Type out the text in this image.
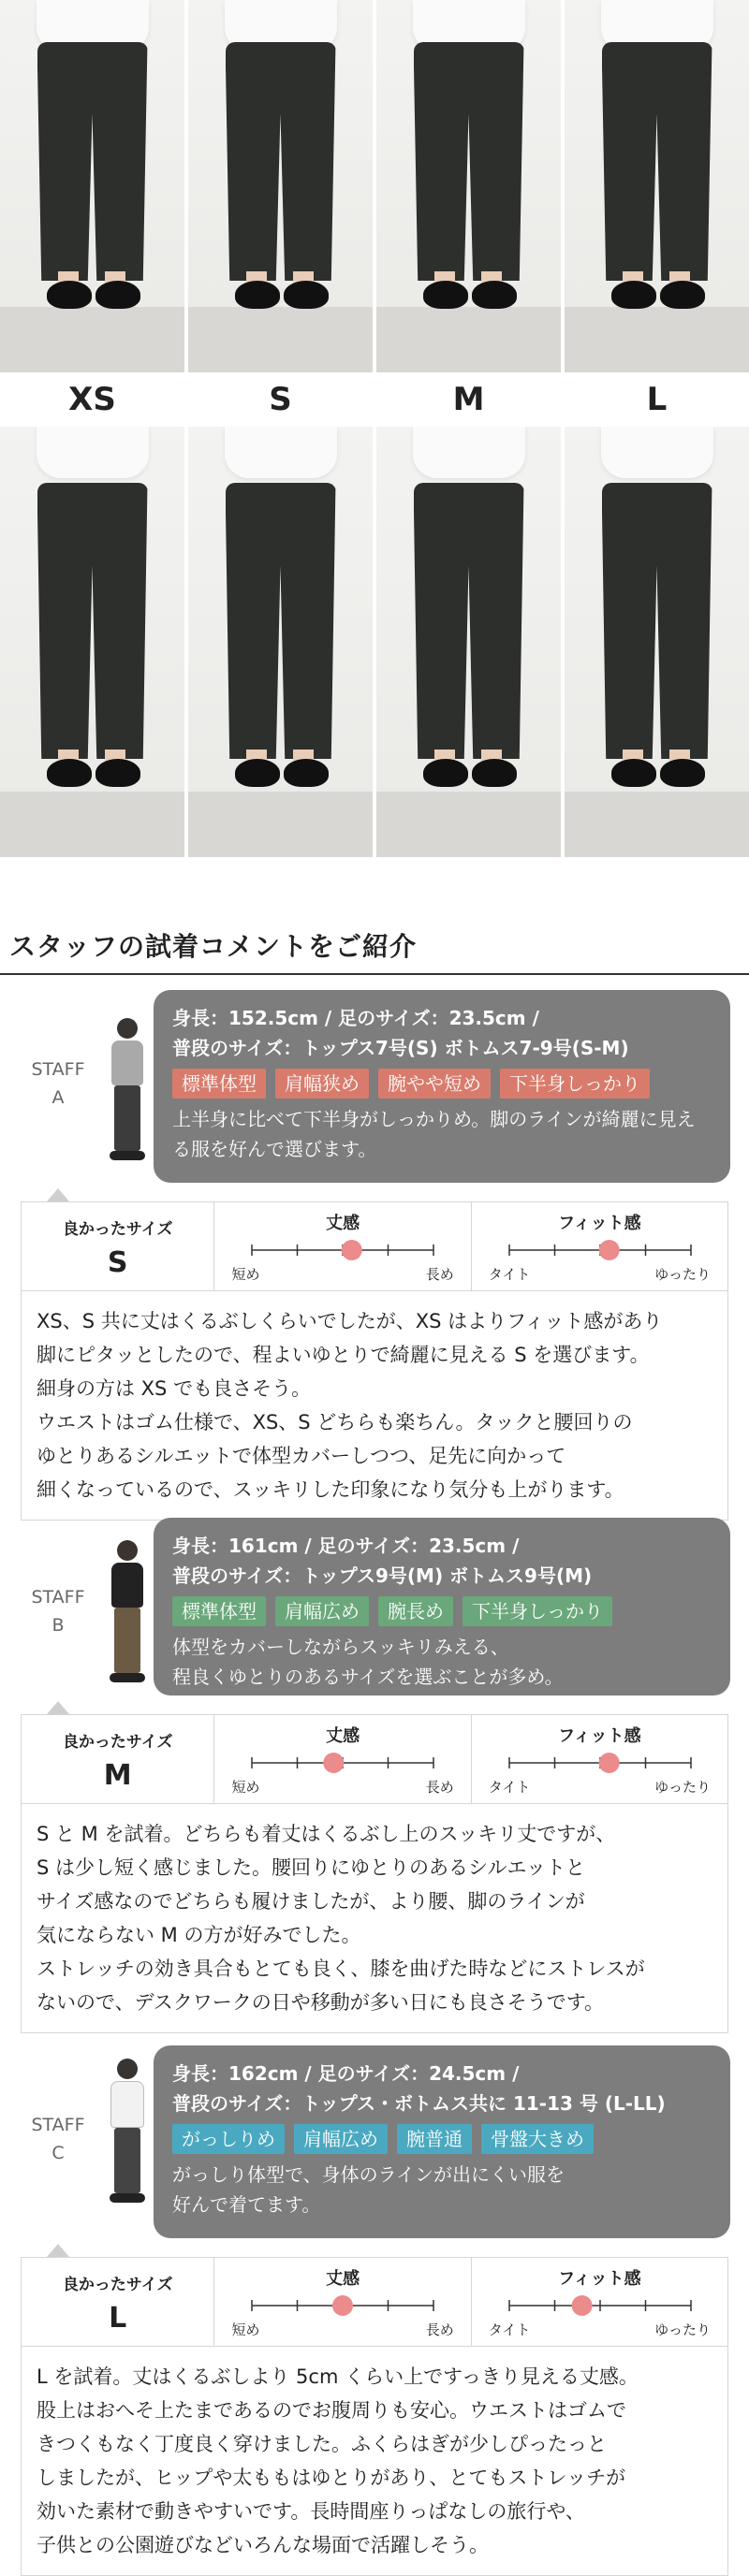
XS	S	M	L
スタッフの試着コメントをご紹介
STAFF
A
身長：152.5cm / 足のサイズ：23.5cm /
普段のサイズ：トップス7号(S) ボトムス7-9号(S-M)
標準体型	肩幅狭め	腕やや短め	下半身しっかり
上半身に比べて下半身がしっかりめ。脚のラインが綺麗に見える服を好んで選びます。
良かったサイズ
S
丈感
短め	長め
フィット感
タイト	ゆったり

XS、S 共に丈はくるぶしくらいでしたが、XS はよりフィット感があり
脚にピタッとしたので、程よいゆとりで綺麗に見える S を選びます。
細身の方は XS でも良さそう。
ウエストはゴム仕様で、XS、S どちらも楽ちん。タックと腰回りの
ゆとりあるシルエットで体型カバーしつつ、足先に向かって
細くなっているので、スッキリした印象になり気分も上がります。

STAFF
B
身長：161cm / 足のサイズ：23.5cm /
普段のサイズ：トップス9号(M) ボトムス9号(M)
標準体型	肩幅広め	腕長め	下半身しっかり
体型をカバーしながらスッキリみえる、
程良くゆとりのあるサイズを選ぶことが多め。
良かったサイズ
M
丈感
短め	長め
フィット感
タイト	ゆったり

S と M を試着。どちらも着丈はくるぶし上のスッキリ丈ですが、
S は少し短く感じました。腰回りにゆとりのあるシルエットと
サイズ感なのでどちらも履けましたが、より腰、脚のラインが
気にならない M の方が好みでした。
ストレッチの効き具合もとても良く、膝を曲げた時などにストレスが
ないので、デスクワークの日や移動が多い日にも良さそうです。

STAFF
C
身長：162cm / 足のサイズ：24.5cm /
普段のサイズ：トップス・ボトムス共に 11-13 号 (L-LL)
がっしりめ	肩幅広め	腕普通	骨盤大きめ
がっしり体型で、身体のラインが出にくい服を
好んで着てます。
良かったサイズ
L
丈感
短め	長め
フィット感
タイト	ゆったり

L を試着。丈はくるぶしより 5cm くらい上ですっきり見える丈感。
股上はおへそ上たまであるのでお腹周りも安心。ウエストはゴムで
きつくもなく丁度良く穿けました。ふくらはぎが少しぴったっと
しましたが、ヒップや太ももはゆとりがあり、とてもストレッチが
効いた素材で動きやすいです。長時間座りっぱなしの旅行や、
子供との公園遊びなどいろんな場面で活躍しそう。
